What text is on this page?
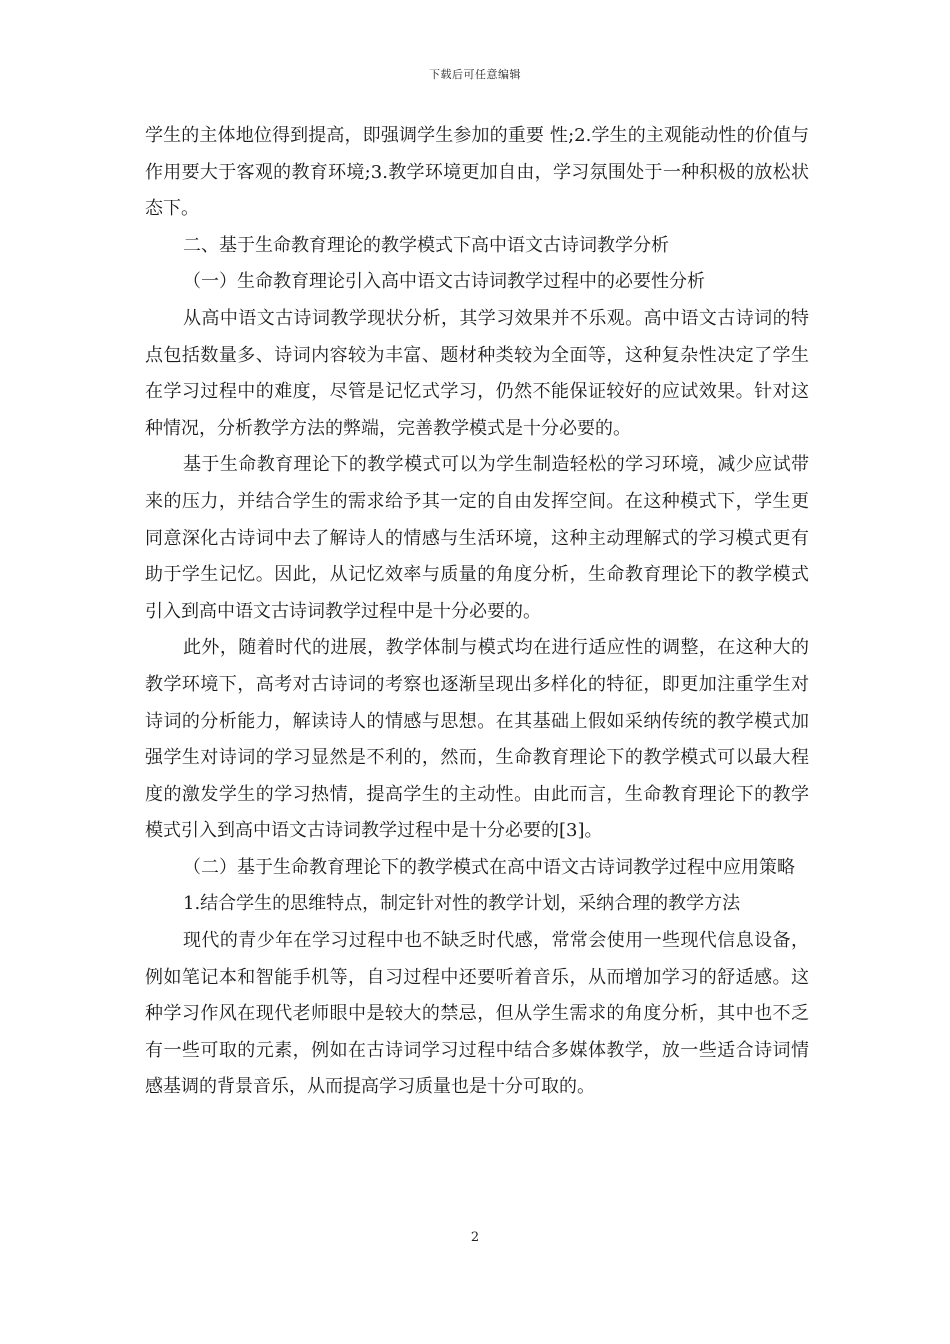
下载后可任意编辑

学生的主体地位得到提高，即强调学生参加的重要 性;2.学生的主观能动性的价值与作用要大于客观的教育环境;3.教学环境更加自由，学习氛围处于一种积极的放松状态下。

二、基于生命教育理论的教学模式下高中语文古诗词教学分析

（一）生命教育理论引入高中语文古诗词教学过程中的必要性分析

从高中语文古诗词教学现状分析，其学习效果并不乐观。高中语文古诗词的特点包括数量多、诗词内容较为丰富、题材种类较为全面等，这种复杂性决定了学生在学习过程中的难度，尽管是记忆式学习，仍然不能保证较好的应试效果。针对这种情况，分析教学方法的弊端，完善教学模式是十分必要的。

基于生命教育理论下的教学模式可以为学生制造轻松的学习环境，减少应试带来的压力，并结合学生的需求给予其一定的自由发挥空间。在这种模式下，学生更同意深化古诗词中去了解诗人的情感与生活环境，这种主动理解式的学习模式更有助于学生记忆。因此，从记忆效率与质量的角度分析，生命教育理论下的教学模式引入到高中语文古诗词教学过程中是十分必要的。

此外，随着时代的进展，教学体制与模式均在进行适应性的调整，在这种大的教学环境下，高考对古诗词的考察也逐渐呈现出多样化的特征，即更加注重学生对诗词的分析能力，解读诗人的情感与思想。在其基础上假如采纳传统的教学模式加强学生对诗词的学习显然是不利的，然而，生命教育理论下的教学模式可以最大程度的激发学生的学习热情，提高学生的主动性。由此而言，生命教育理论下的教学模式引入到高中语文古诗词教学过程中是十分必要的[3]。

（二）基于生命教育理论下的教学模式在高中语文古诗词教学过程中应用策略

1.结合学生的思维特点，制定针对性的教学计划，采纳合理的教学方法

现代的青少年在学习过程中也不缺乏时代感，常常会使用一些现代信息设备，例如笔记本和智能手机等，自习过程中还要听着音乐，从而增加学习的舒适感。这种学习作风在现代老师眼中是较大的禁忌，但从学生需求的角度分析，其中也不乏有一些可取的元素，例如在古诗词学习过程中结合多媒体教学，放一些适合诗词情感基调的背景音乐，从而提高学习质量也是十分可取的。

2
